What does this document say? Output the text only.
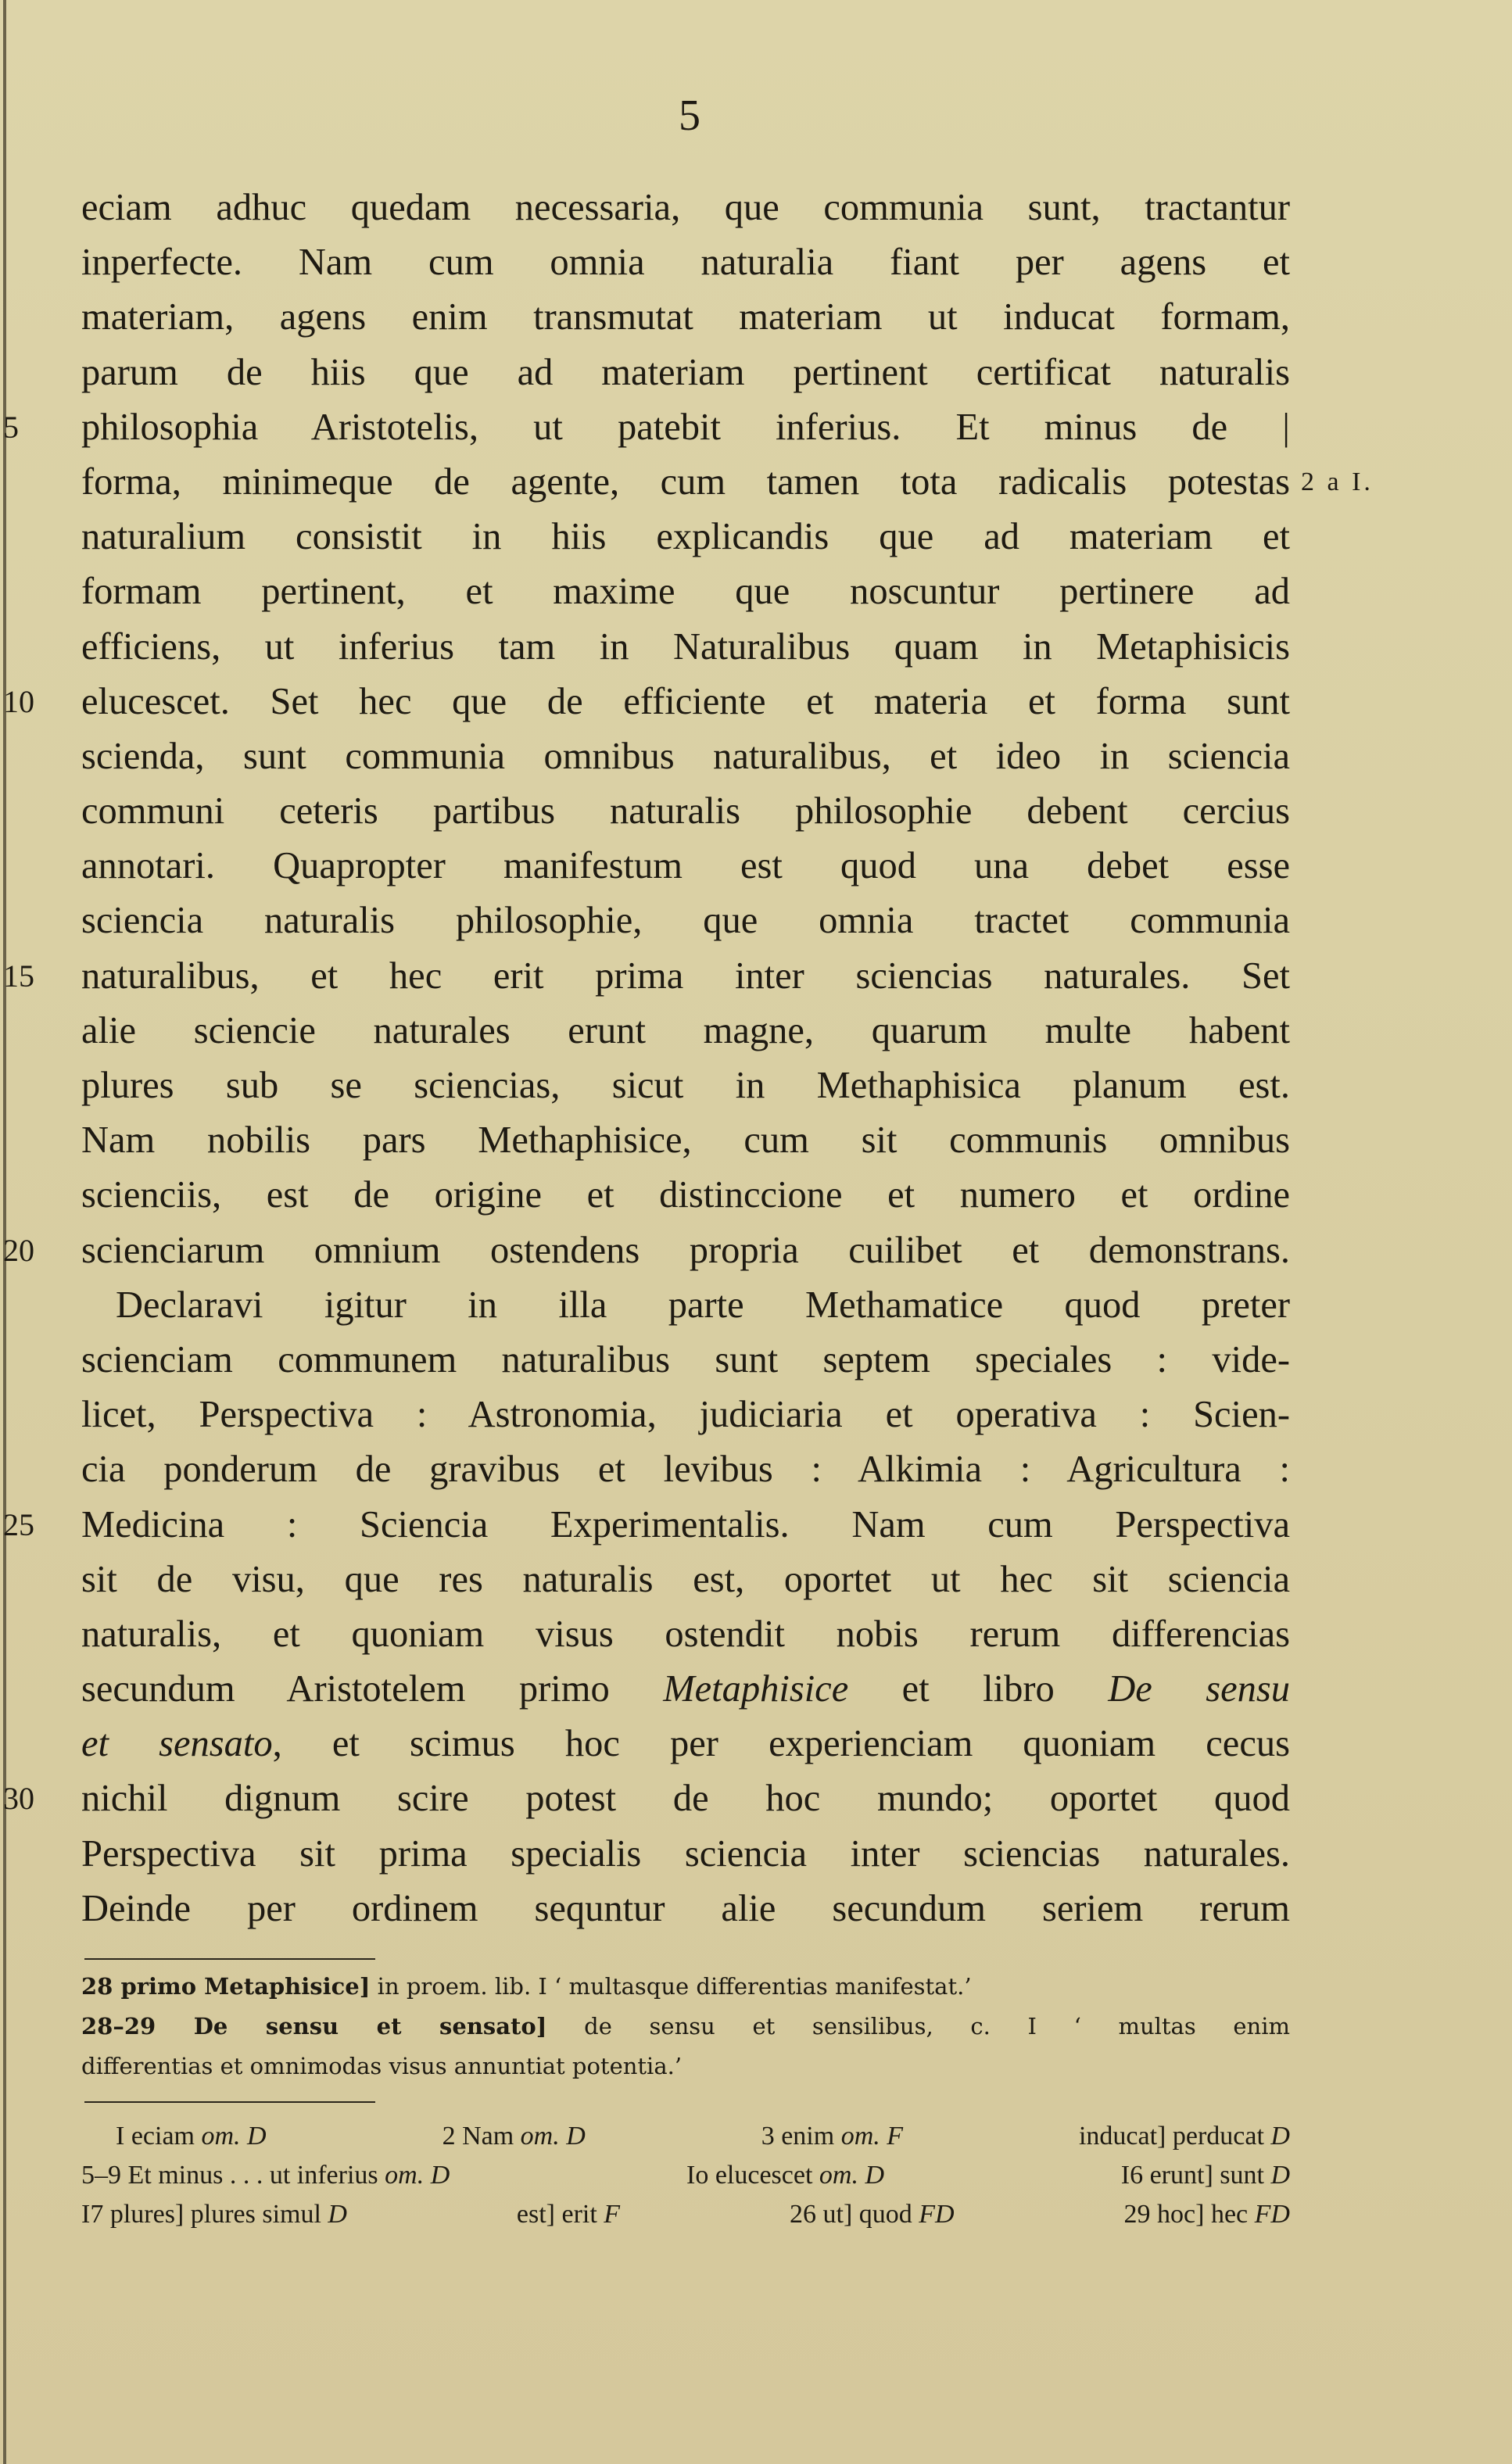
5
eciam adhuc quedam necessaria, que communia sunt, tractantur
inperfecte. Nam cum omnia naturalia fiant per agens et
materiam, agens enim transmutat materiam ut inducat formam,
parum de hiis que ad materiam pertinent certificat naturalis
5	philosophia Aristotelis, ut patebit inferius. Et minus de |
forma, minimeque de agente, cum tamen tota radicalis potestas 2 a I.
naturalium consistit in hiis explicandis que ad materiam et
formam pertinent, et maxime que noscuntur pertinere ad
efficiens, ut inferius tam in Naturalibus quam in Metaphisicis
10	elucescet. Set hec que de efficiente et materia et forma sunt
scienda, sunt communia omnibus naturalibus, et ideo in sciencia
communi ceteris partibus naturalis philosophie debent cercius
annotari. Quapropter manifestum est quod una debet esse
sciencia naturalis philosophie, que omnia tractet communia
15	naturalibus, et hec erit prima inter sciencias naturales. Set
alie sciencie naturales erunt magne, quarum multe habent
plures sub se sciencias, sicut in Methaphisica planum est.
Nam nobilis pars Methaphisice, cum sit communis omnibus
scienciis, est de origine et distinccione et numero et ordine
20	scienciarum omnium ostendens propria cuilibet et demonstrans.
Declaravi igitur in illa parte Methamatice quod preter
scienciam communem naturalibus sunt septem speciales : vide-
licet, Perspectiva : Astronomia, judiciaria et operativa : Scien-
cia ponderum de gravibus et levibus : Alkimia : Agricultura :
25	Medicina : Sciencia Experimentalis. Nam cum Perspectiva
sit de visu, que res naturalis est, oportet ut hec sit sciencia
naturalis, et quoniam visus ostendit nobis rerum differencias
secundum Aristotelem primo Metaphisice et libro De sensu
et sensato, et scimus hoc per experienciam quoniam cecus
30	nichil dignum scire potest de hoc mundo; oportet quod
Perspectiva sit prima specialis sciencia inter sciencias naturales.
Deinde per ordinem sequntur alie secundum seriem rerum
28 primo Metaphisice] in proem. lib. I ‘ multasque differentias manifestat.’
28–29 De sensu et sensato] de sensu et sensilibus, c. I ‘ multas enim
differentias et omnimodas visus annuntiat potentia.’
I eciam om. D	2 Nam om. D	3 enim om. F	inducat] perducat D
5–9 Et minus . . . ut inferius om. D	Io elucescet om. D	I6 erunt] sunt D
I7 plures] plures simul D	est] erit F	26 ut] quod FD	29 hoc] hec FD
